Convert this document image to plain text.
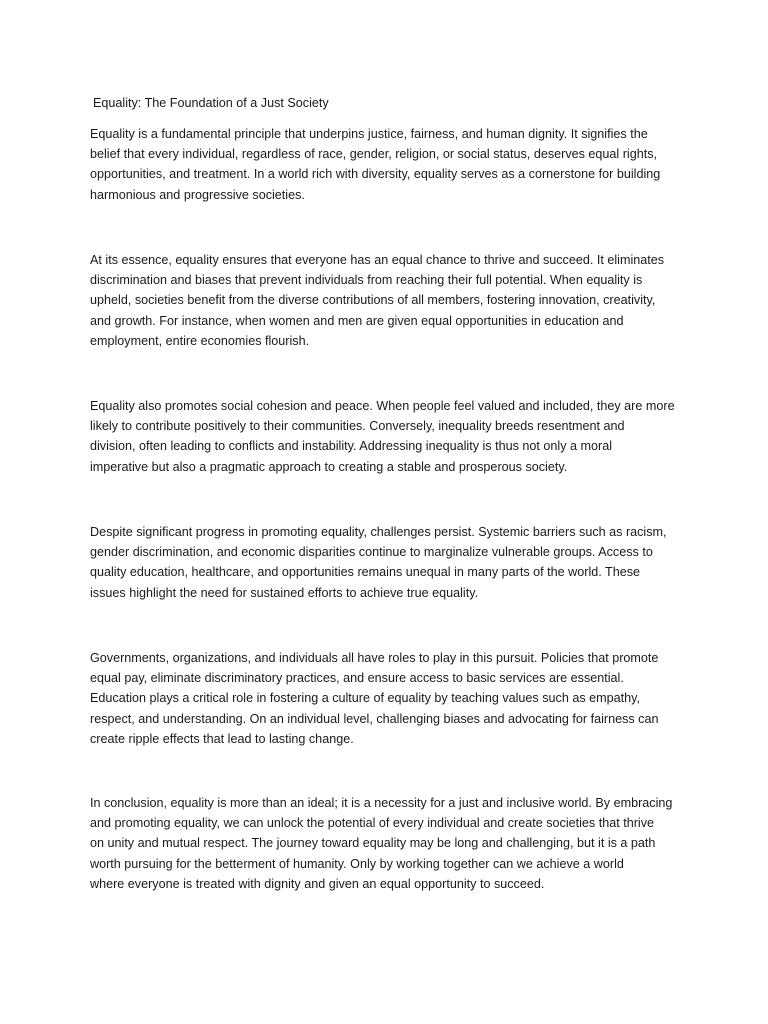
Equality: The Foundation of a Just Society
Equality is a fundamental principle that underpins justice, fairness, and human dignity. It signifies the
belief that every individual, regardless of race, gender, religion, or social status, deserves equal rights,
opportunities, and treatment. In a world rich with diversity, equality serves as a cornerstone for building
harmonious and progressive societies.
At its essence, equality ensures that everyone has an equal chance to thrive and succeed. It eliminates
discrimination and biases that prevent individuals from reaching their full potential. When equality is
upheld, societies benefit from the diverse contributions of all members, fostering innovation, creativity,
and growth. For instance, when women and men are given equal opportunities in education and
employment, entire economies flourish.
Equality also promotes social cohesion and peace. When people feel valued and included, they are more
likely to contribute positively to their communities. Conversely, inequality breeds resentment and
division, often leading to conflicts and instability. Addressing inequality is thus not only a moral
imperative but also a pragmatic approach to creating a stable and prosperous society.
Despite significant progress in promoting equality, challenges persist. Systemic barriers such as racism,
gender discrimination, and economic disparities continue to marginalize vulnerable groups. Access to
quality education, healthcare, and opportunities remains unequal in many parts of the world. These
issues highlight the need for sustained efforts to achieve true equality.
Governments, organizations, and individuals all have roles to play in this pursuit. Policies that promote
equal pay, eliminate discriminatory practices, and ensure access to basic services are essential.
Education plays a critical role in fostering a culture of equality by teaching values such as empathy,
respect, and understanding. On an individual level, challenging biases and advocating for fairness can
create ripple effects that lead to lasting change.
In conclusion, equality is more than an ideal; it is a necessity for a just and inclusive world. By embracing
and promoting equality, we can unlock the potential of every individual and create societies that thrive
on unity and mutual respect. The journey toward equality may be long and challenging, but it is a path
worth pursuing for the betterment of humanity. Only by working together can we achieve a world
where everyone is treated with dignity and given an equal opportunity to succeed.
